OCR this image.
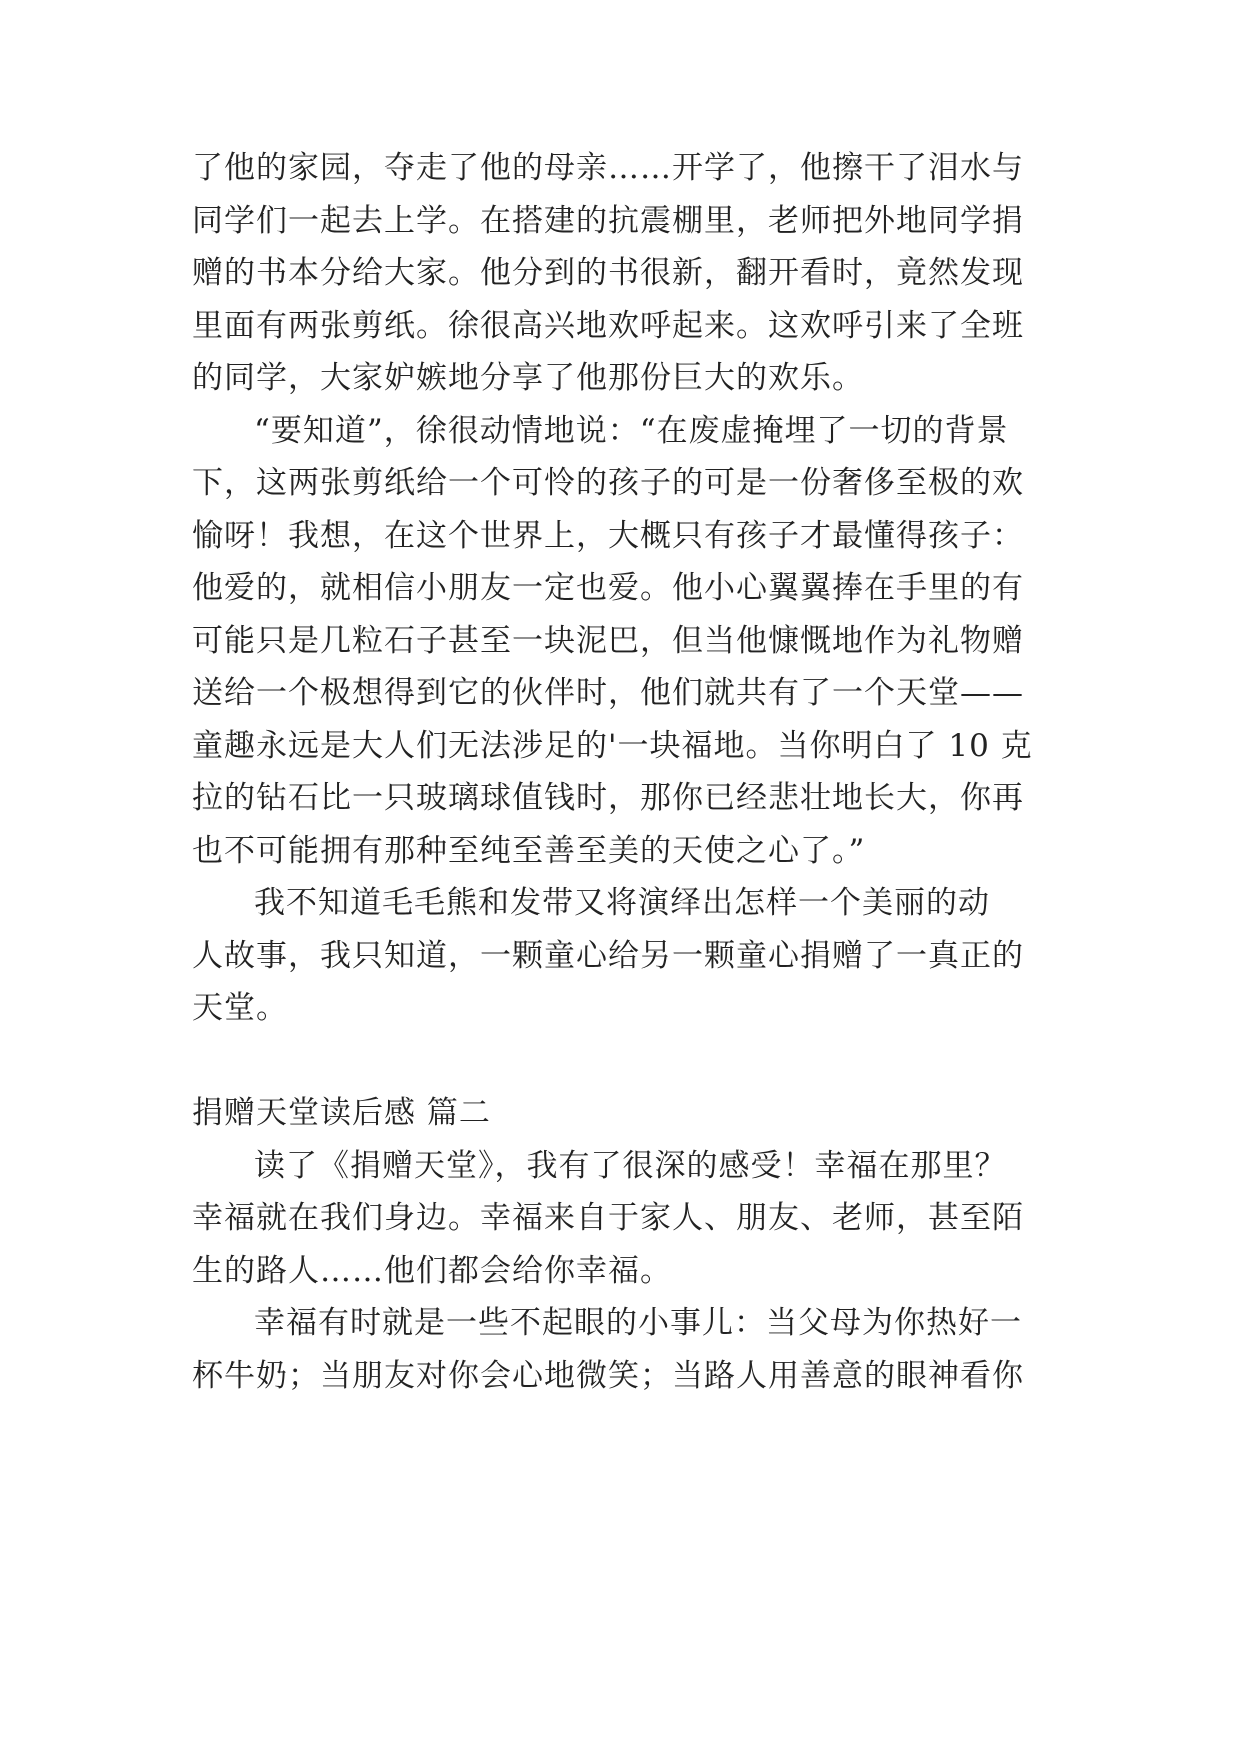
了他的家园，夺走了他的母亲……开学了，他擦干了泪水与
同学们一起去上学。在搭建的抗震棚里，老师把外地同学捐
赠的书本分给大家。他分到的书很新，翻开看时，竟然发现
里面有两张剪纸。徐很高兴地欢呼起来。这欢呼引来了全班
的同学，大家妒嫉地分享了他那份巨大的欢乐。
“要知道”，徐很动情地说：“在废虚掩埋了一切的背景
下，这两张剪纸给一个可怜的孩子的可是一份奢侈至极的欢
愉呀！我想，在这个世界上，大概只有孩子才最懂得孩子：
他爱的，就相信小朋友一定也爱。他小心翼翼捧在手里的有
可能只是几粒石子甚至一块泥巴，但当他慷慨地作为礼物赠
送给一个极想得到它的伙伴时，他们就共有了一个天堂——
童趣永远是大人们无法涉足的'一块福地。当你明白了 10 克
拉的钻石比一只玻璃球值钱时，那你已经悲壮地长大，你再
也不可能拥有那种至纯至善至美的天使之心了。”
我不知道毛毛熊和发带又将演绎出怎样一个美丽的动
人故事，我只知道，一颗童心给另一颗童心捐赠了一真正的
天堂。
捐赠天堂读后感 篇二
读了《捐赠天堂》，我有了很深的感受！幸福在那里？
幸福就在我们身边。幸福来自于家人、朋友、老师，甚至陌
生的路人……他们都会给你幸福。
幸福有时就是一些不起眼的小事儿：当父母为你热好一
杯牛奶；当朋友对你会心地微笑；当路人用善意的眼神看你
